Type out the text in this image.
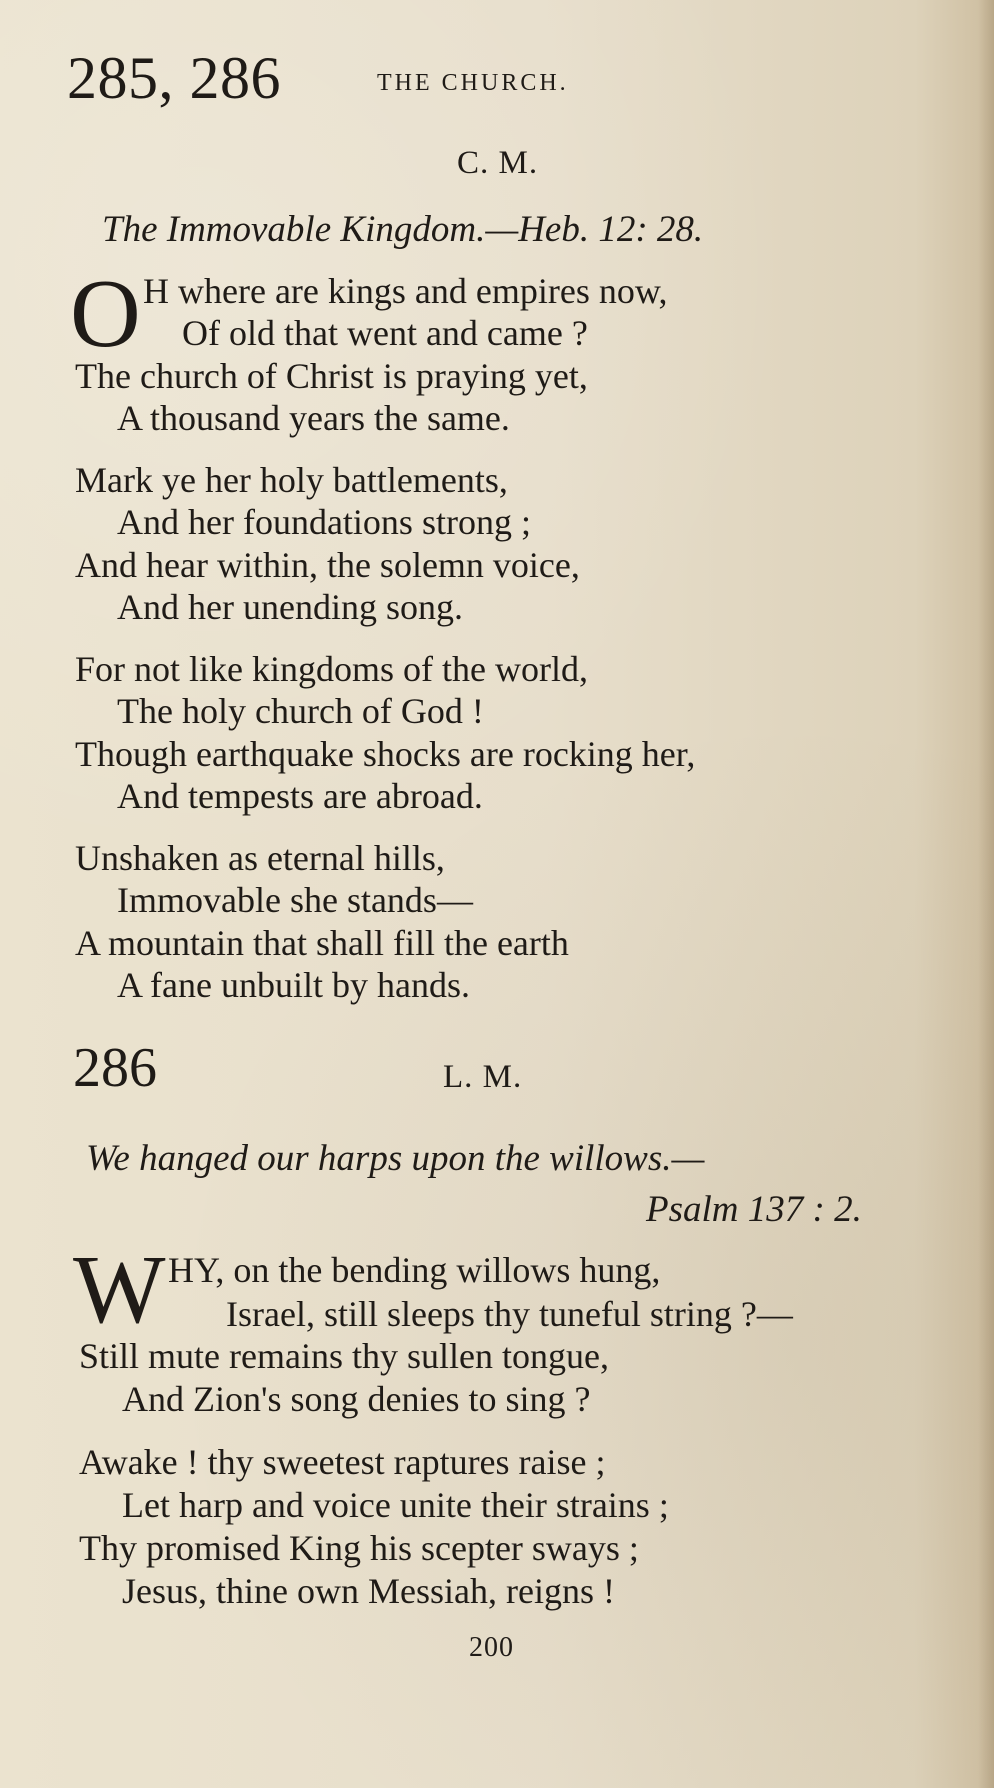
285, 286	THE CHURCH.
C. M.
The Immovable Kingdom.—Heb. 12: 28.
O H where are kings and empires now,
Of old that went and came ?
The church of Christ is praying yet,
A thousand years the same.
Mark ye her holy battlements,
And her foundations strong ;
And hear within, the solemn voice,
And her unending song.
For not like kingdoms of the world,
The holy church of God !
Though earthquake shocks are rocking her,
And tempests are abroad.
Unshaken as eternal hills,
Immovable she stands—
A mountain that shall fill the earth
A fane unbuilt by hands.
286	L. M.
We hanged our harps upon the willows.—
Psalm 137 : 2.
W HY, on the bending willows hung,
Israel, still sleeps thy tuneful string ?—
Still mute remains thy sullen tongue,
And Zion's song denies to sing ?
Awake ! thy sweetest raptures raise ;
Let harp and voice unite their strains ;
Thy promised King his scepter sways ;
Jesus, thine own Messiah, reigns !
200
